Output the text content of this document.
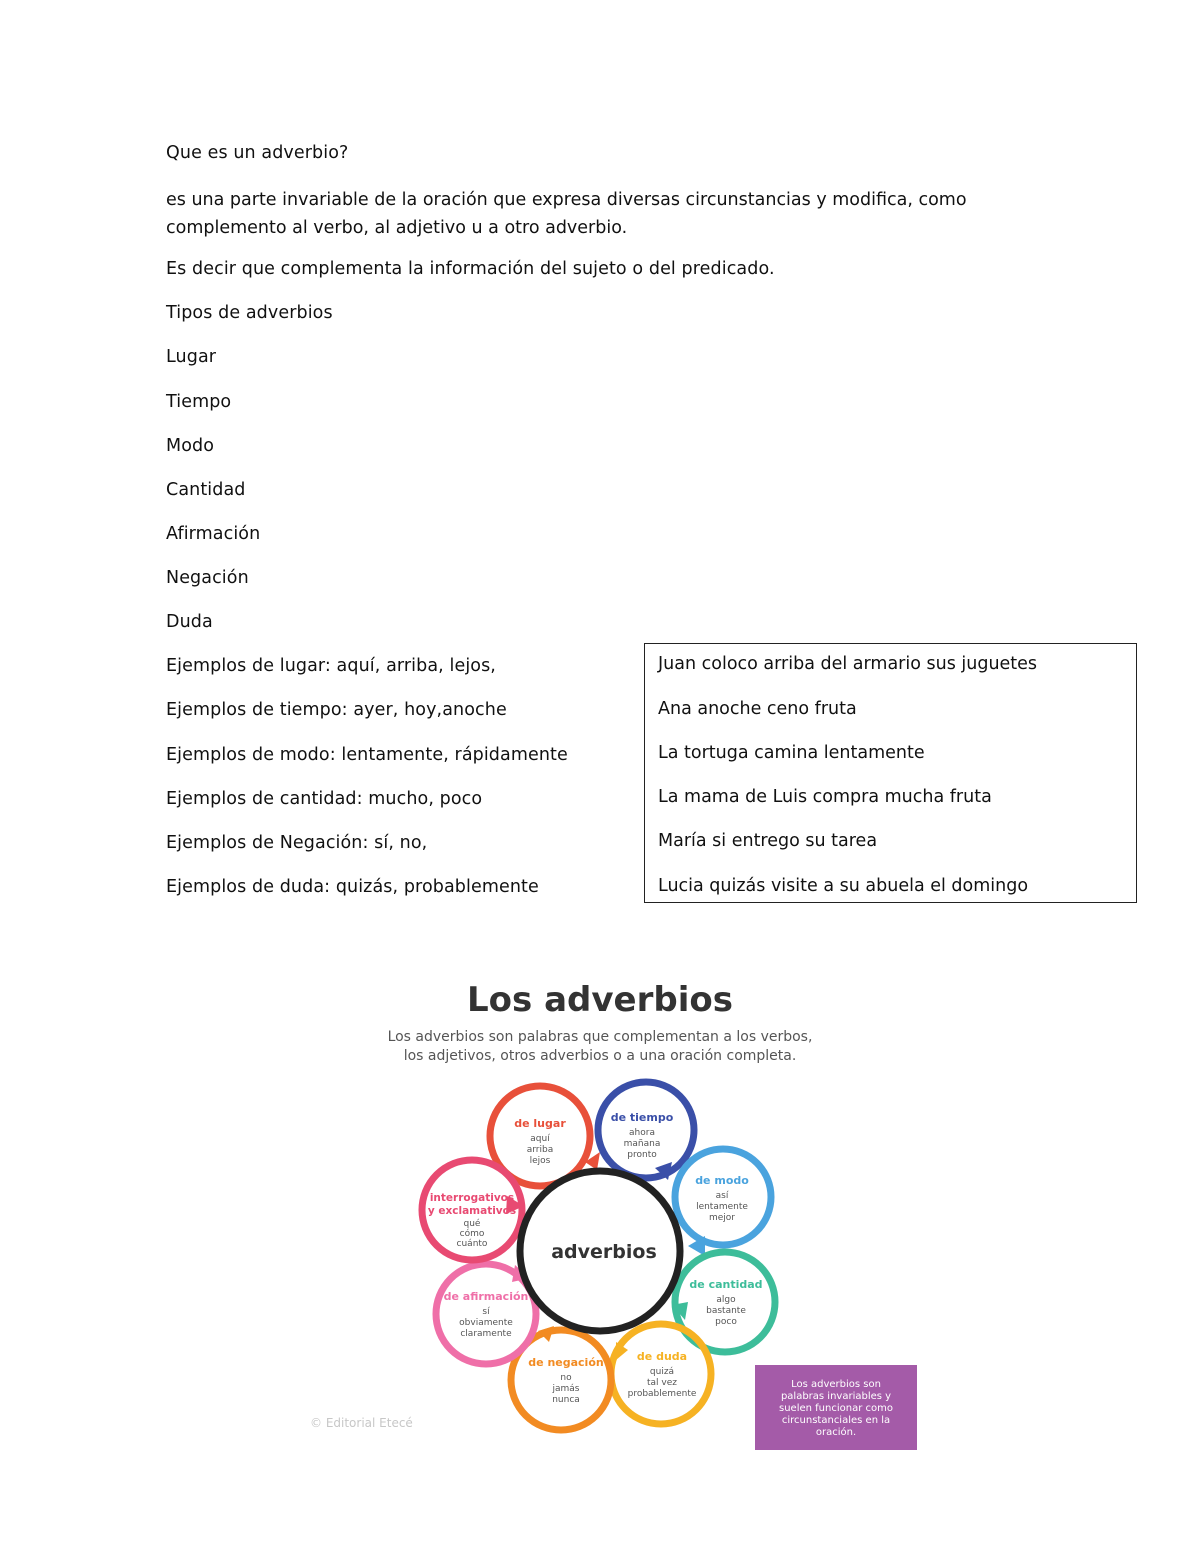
Que es un adverbio?
es una parte invariable de la oración que expresa diversas circunstancias y modifica, como complemento al verbo, al adjetivo u a otro adverbio.
Es decir que complementa la información del sujeto o del predicado.
Tipos de adverbios
Lugar
Tiempo
Modo
Cantidad
Afirmación
Negación
Duda
Ejemplos de lugar: aquí, arriba, lejos,
Ejemplos de tiempo: ayer, hoy,anoche
Ejemplos de modo: lentamente, rápidamente
Ejemplos de cantidad: mucho, poco
Ejemplos de Negación: sí, no,
Ejemplos de duda: quizás, probablemente
Juan coloco arriba del armario sus juguetes
Ana anoche ceno fruta
La tortuga camina lentamente
La mama de Luis compra mucha fruta
María si entrego su tarea
Lucia quizás visite a su abuela el domingo
Los adverbios
Los adverbios son palabras que complementan a los verbos,
los adjetivos, otros adverbios o a una oración completa.
de lugar
aquí
arriba
lejos
de tiempo
ahora
mañana
pronto
de modo
así
lentamente
mejor
de cantidad
algo
bastante
poco
de duda
quizá
tal vez
probablemente
de negación
no
jamás
nunca
de afirmación
sí
obviamente
claramente
interrogativos
y exclamativos
qué
cómo
cuánto	adverbios
Los adverbios son palabras invariables y suelen funcionar como circunstanciales en la oración.
© Editorial Etecé
